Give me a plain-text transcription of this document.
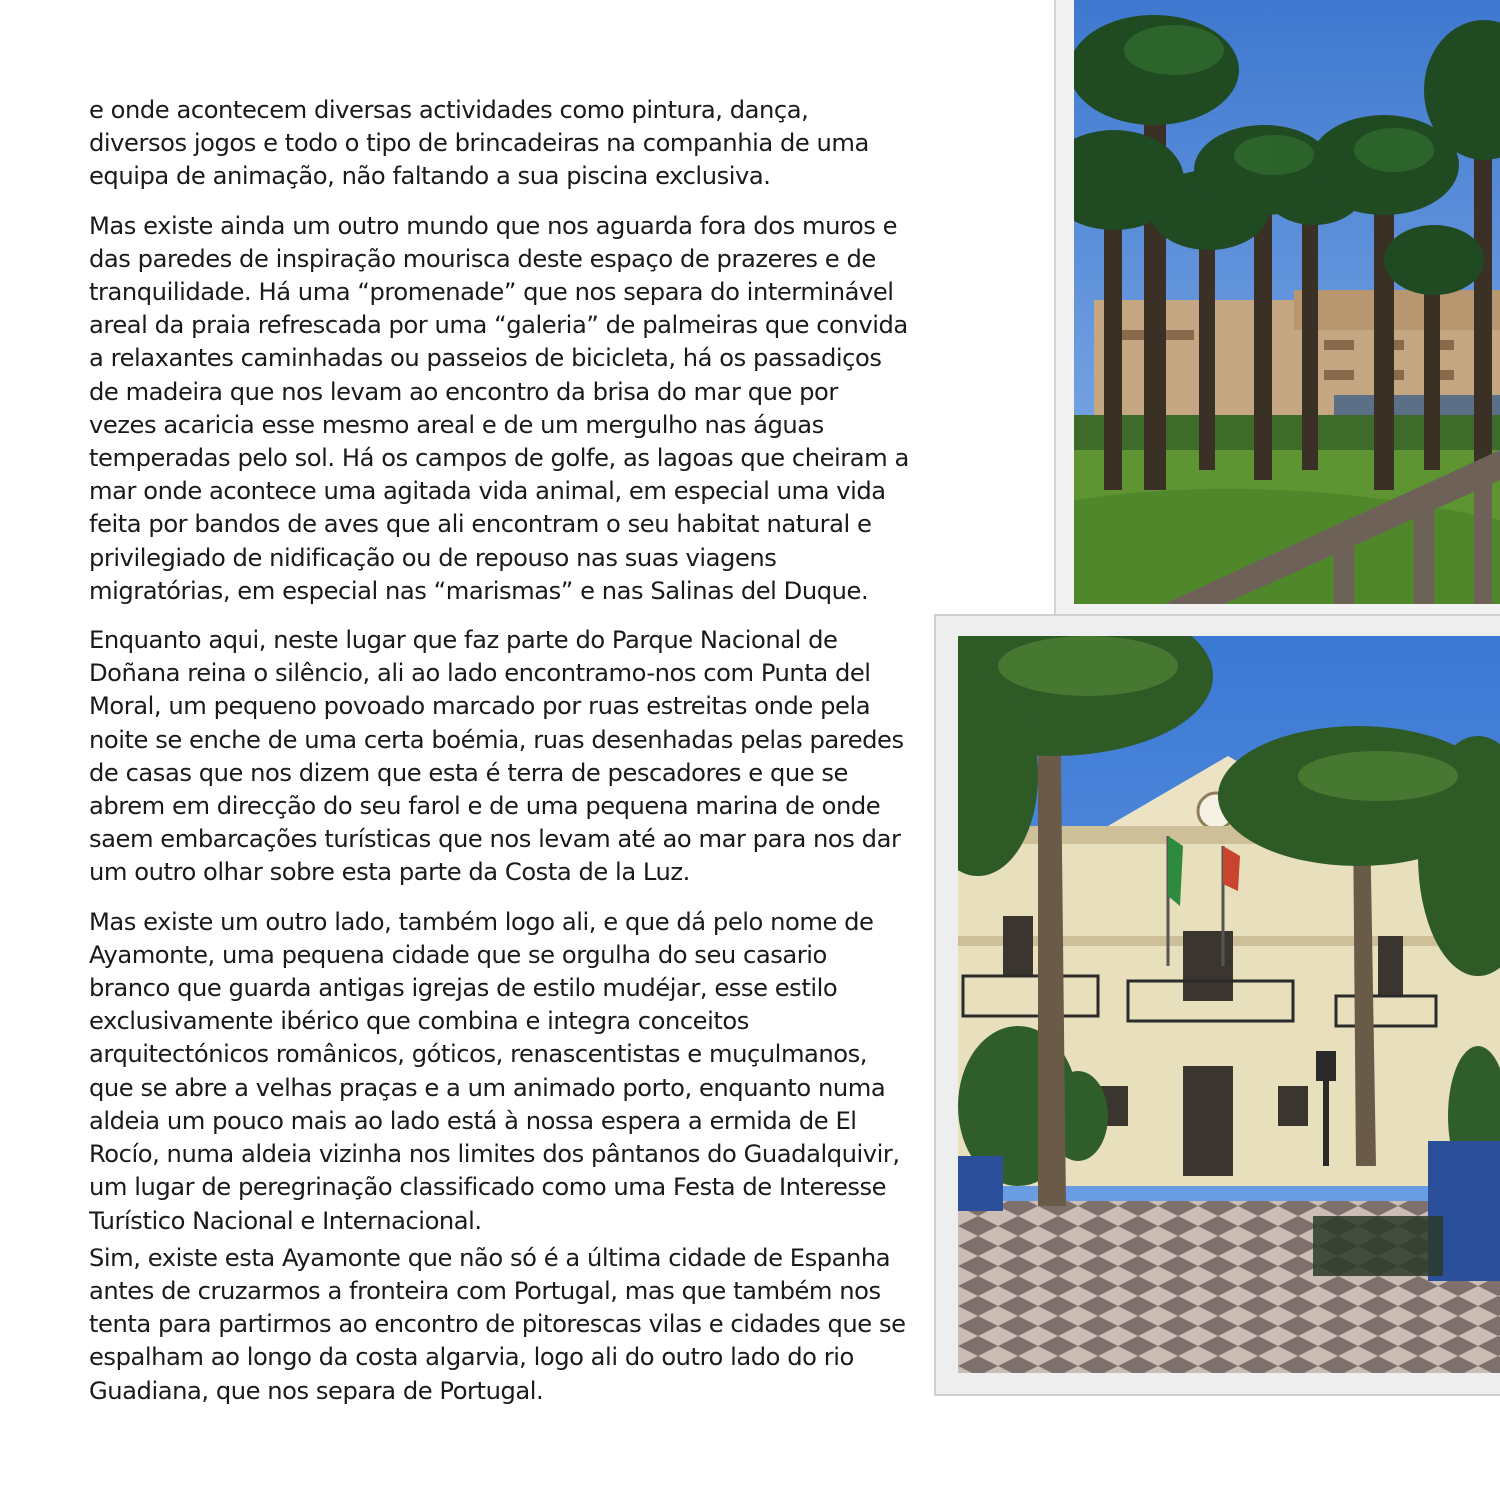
e onde acontecem diversas actividades como pintura, dança, diversos jogos e todo o tipo de brincadeiras na companhia de uma equipa de animação, não faltando a sua piscina exclusiva.

Mas existe ainda um outro mundo que nos aguarda fora dos muros e das paredes de inspiração mourisca deste espaço de prazeres e de tranquilidade. Há uma “promenade” que nos separa do interminável areal da praia refrescada por uma “galeria” de palmeiras que convida a relaxantes caminhadas ou passeios de bicicleta, há os passadiços de madeira que nos levam ao encontro da brisa do mar que por vezes acaricia esse mesmo areal e de um mergulho nas águas temperadas pelo sol. Há os campos de golfe, as lagoas que cheiram a mar onde acontece uma agitada vida animal, em especial uma vida feita por bandos de aves que ali encontram o seu habitat natural e privilegiado de nidificação ou de repouso nas suas viagens migratórias, em especial nas “marismas” e nas Salinas del Duque.

Enquanto aqui, neste lugar que faz parte do Parque Nacional de Doñana reina o silêncio, ali ao lado encontramo-nos com Punta del Moral, um pequeno povoado marcado por ruas estreitas onde pela noite se enche de uma certa boémia, ruas desenhadas pelas paredes de casas que nos dizem que esta é terra de pescadores e que se abrem em direcção do seu farol e de uma pequena marina de onde saem embarcações turísticas que nos levam até ao mar para nos dar um outro olhar sobre esta parte da Costa de la Luz.

Mas existe um outro lado, também logo ali, e que dá pelo nome de Ayamonte, uma pequena cidade que se orgulha do seu casario branco que guarda antigas igrejas de estilo mudéjar, esse estilo exclusivamente ibérico que combina e integra conceitos arquitectónicos românicos, góticos, renascentistas e muçulmanos, que se abre a velhas praças e a um animado porto, enquanto numa aldeia um pouco mais ao lado está à nossa espera a ermida de El Rocío, numa aldeia vizinha nos limites dos pântanos do Guadalquivir, um lugar de peregrinação classificado como uma Festa de Interesse Turístico Nacional e Internacional.

Sim, existe esta Ayamonte que não só é a última cidade de Espanha antes de cruzarmos a fronteira com Portugal, mas que também nos tenta para partirmos ao encontro de pitorescas vilas e cidades que se espalham ao longo da costa algarvia, logo ali do outro lado do rio Guadiana, que nos separa de Portugal.
